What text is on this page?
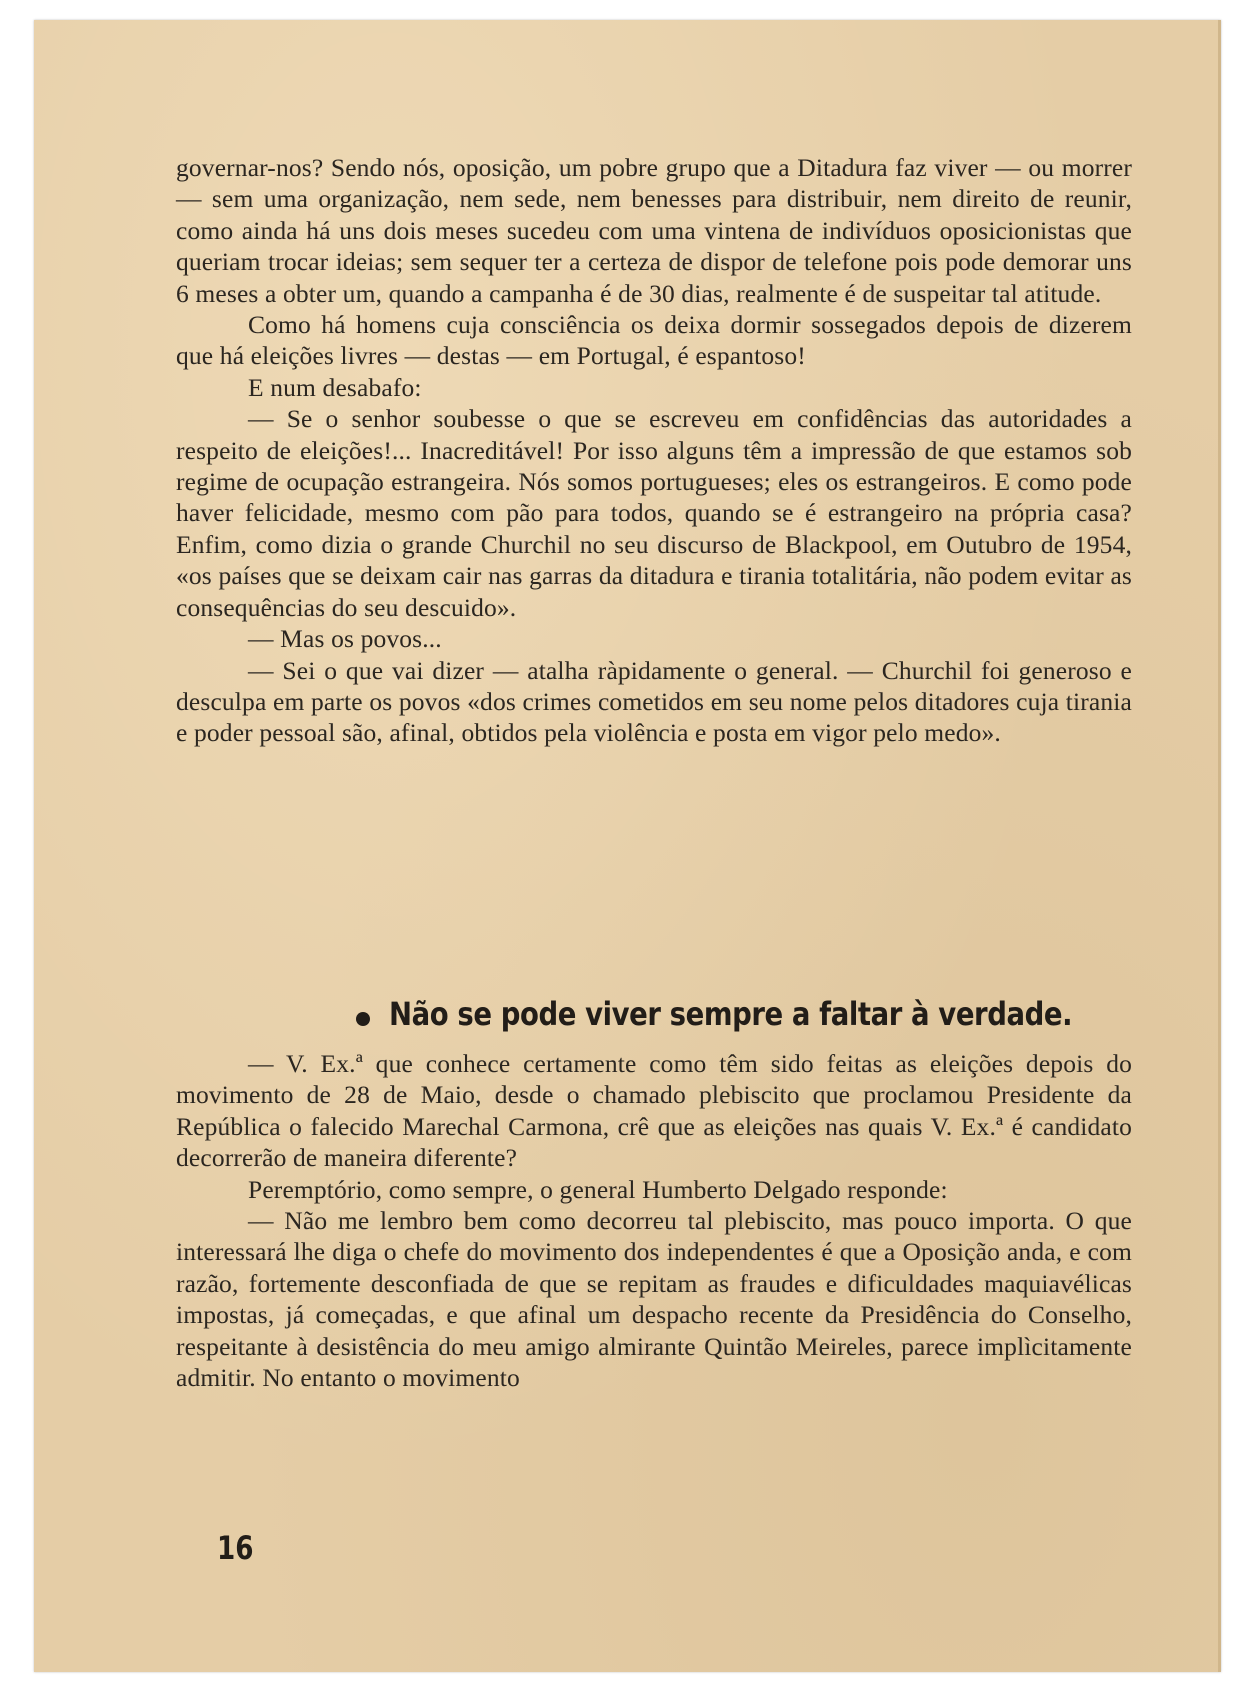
governar-nos? Sendo nós, oposição, um pobre grupo que a Ditadura faz viver — ou morrer — sem uma organização, nem sede, nem benesses para distribuir, nem direito de reunir, como ainda há uns dois meses sucedeu com uma vintena de indivíduos oposicionistas que queriam trocar ideias; sem sequer ter a certeza de dispor de telefone pois pode demorar uns 6 meses a obter um, quando a campanha é de 30 dias, realmente é de suspeitar tal atitude.

Como há homens cuja consciência os deixa dormir sossegados depois de dizerem que há eleições livres — destas — em Portugal, é espantoso!

E num desabafo:

— Se o senhor soubesse o que se escreveu em confidências das autoridades a respeito de eleições!... Inacreditável! Por isso alguns têm a impressão de que estamos sob regime de ocupação estrangeira. Nós somos portugueses; eles os estrangeiros. E como pode haver felicidade, mesmo com pão para todos, quando se é estrangeiro na própria casa? Enfim, como dizia o grande Churchil no seu discurso de Blackpool, em Outubro de 1954, «os países que se deixam cair nas garras da ditadura e tirania totalitária, não podem evitar as consequências do seu descuido».

— Mas os povos...

— Sei o que vai dizer — atalha ràpidamente o general. — Churchil foi generoso e desculpa em parte os povos «dos crimes cometidos em seu nome pelos ditadores cuja tirania e poder pessoal são, afinal, obtidos pela violência e posta em vigor pelo medo».

Não se pode viver sempre a faltar à verdade.

— V. Ex.ª que conhece certamente como têm sido feitas as eleições depois do movimento de 28 de Maio, desde o chamado plebiscito que proclamou Presidente da República o falecido Marechal Carmona, crê que as eleições nas quais V. Ex.ª é candidato decorrerão de maneira diferente?

Peremptório, como sempre, o general Humberto Delgado responde:

— Não me lembro bem como decorreu tal plebiscito, mas pouco importa. O que interessará lhe diga o chefe do movimento dos independentes é que a Oposição anda, e com razão, fortemente desconfiada de que se repitam as fraudes e dificuldades maquiavélicas impostas, já começadas, e que afinal um despacho recente da Presidência do Conselho, respeitante à desistência do meu amigo almirante Quintão Meireles, parece implìcitamente admitir. No entanto o movimento

16
